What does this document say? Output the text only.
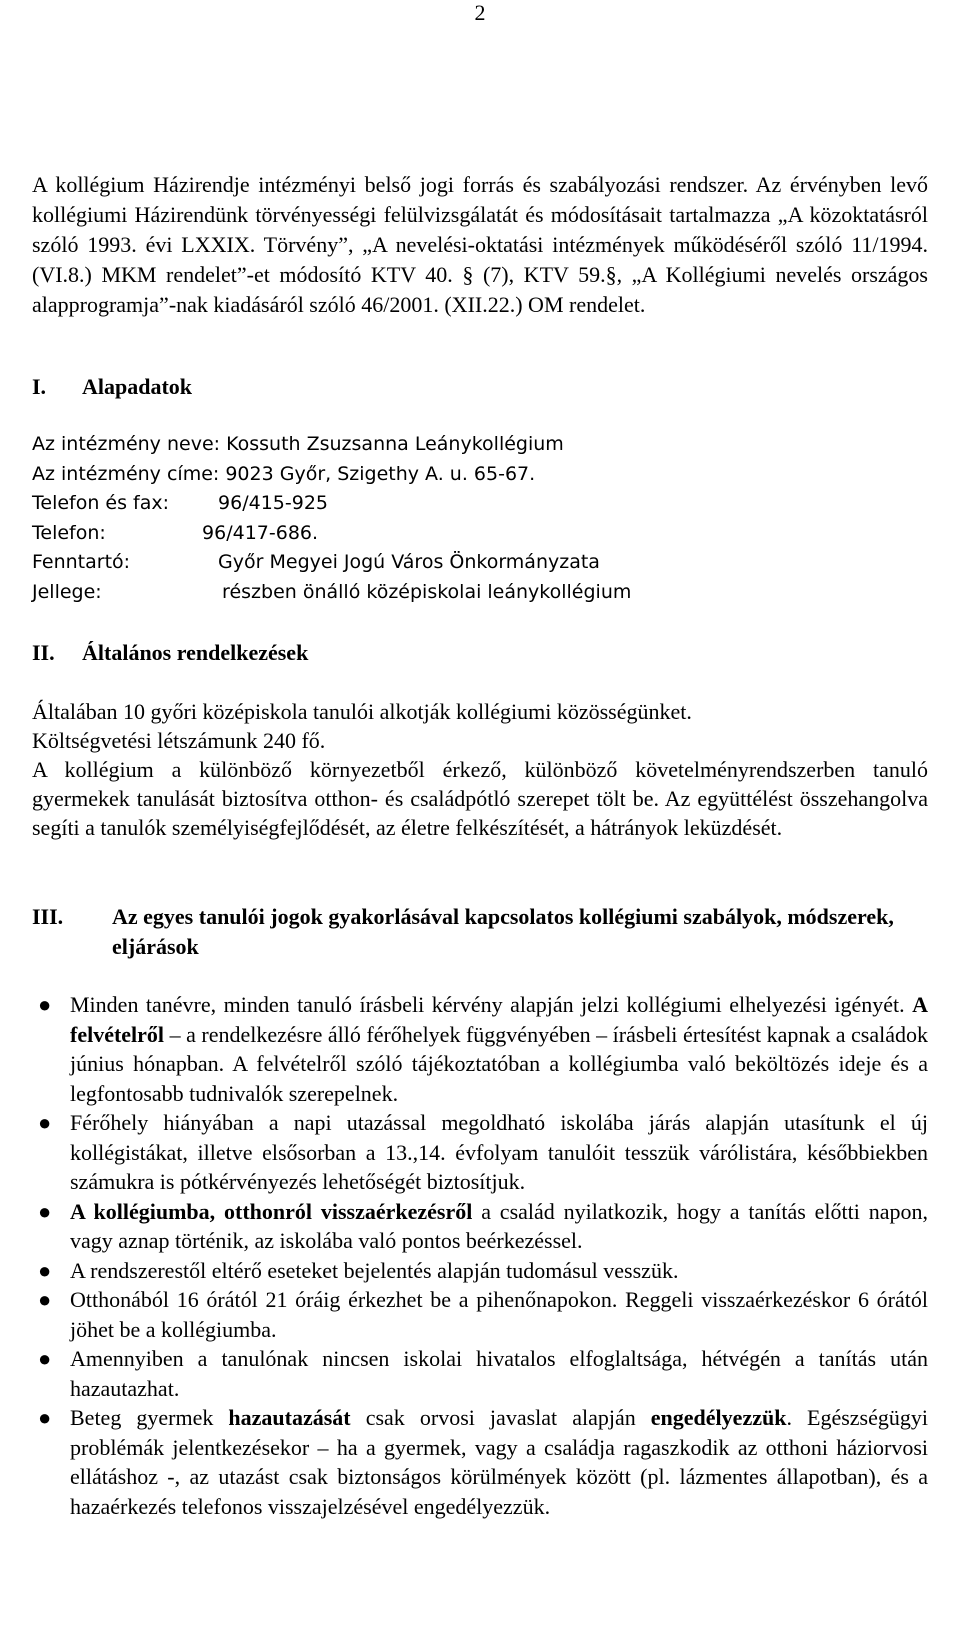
2

A kollégium Házirendje intézményi belső jogi forrás és szabályozási rendszer. Az érvényben levő kollégiumi Házirendünk törvényességi felülvizsgálatát és módosításait tartalmazza „A közoktatásról szóló 1993. évi LXXIX. Törvény”, „A nevelési-oktatási intézmények működéséről szóló 11/1994. (VI.8.) MKM rendelet”-et módosító KTV 40. § (7), KTV 59.§, „A Kollégiumi nevelés országos alapprogramja”-nak kiadásáról szóló 46/2001. (XII.22.) OM rendelet.

I. Alapadatok
Az intézmény neve: Kossuth Zsuzsanna Leánykollégium
Az intézmény címe: 9023 Győr, Szigethy A. u. 65-67.
Telefon és fax:	96/415-925
Telefon:	96/417-686.
Fenntartó:	Győr Megyei Jogú Város Önkormányzata
Jellege:	részben önálló középiskolai leánykollégium
II. Általános rendelkezések

Általában 10 győri középiskola tanulói alkotják kollégiumi közösségünket.

Költségvetési létszámunk 240 fő.

A kollégium a különböző környezetből érkező, különböző követelményrendszerben tanuló gyermekek tanulását biztosítva otthon- és családpótló szerepet tölt be. Az együttélést összehangolva segíti a tanulók személyiségfejlődését, az életre felkészítését, a hátrányok leküzdését.

III.	Az egyes tanulói jogok gyakorlásával kapcsolatos kollégiumi szabályok, módszerek, eljárások
● Minden tanévre, minden tanuló írásbeli kérvény alapján jelzi kollégiumi elhelyezési igényét. A felvételről – a rendelkezésre álló férőhelyek függvényében – írásbeli értesítést kapnak a családok június hónapban. A felvételről szóló tájékoztatóban a kollégiumba való beköltözés ideje és a legfontosabb tudnivalók szerepelnek.
● Férőhely hiányában a napi utazással megoldható iskolába járás alapján utasítunk el új kollégistákat, illetve elsősorban a 13.,14. évfolyam tanulóit tesszük várólistára, későbbiekben számukra is pótkérvényezés lehetőségét biztosítjuk.
● A kollégiumba, otthonról visszaérkezésről a család nyilatkozik, hogy a tanítás előtti napon, vagy aznap történik, az iskolába való pontos beérkezéssel.
● A rendszerestől eltérő eseteket bejelentés alapján tudomásul vesszük.
● Otthonából 16 órától 21 óráig érkezhet be a pihenőnapokon. Reggeli visszaérkezéskor 6 órától jöhet be a kollégiumba.
● Amennyiben a tanulónak nincsen iskolai hivatalos elfoglaltsága, hétvégén a tanítás után hazautazhat.
● Beteg gyermek hazautazását csak orvosi javaslat alapján engedélyezzük. Egészségügyi problémák jelentkezésekor – ha a gyermek, vagy a családja ragaszkodik az otthoni háziorvosi ellátáshoz -, az utazást csak biztonságos körülmények között (pl. lázmentes állapotban), és a hazaérkezés telefonos visszajelzésével engedélyezzük.
